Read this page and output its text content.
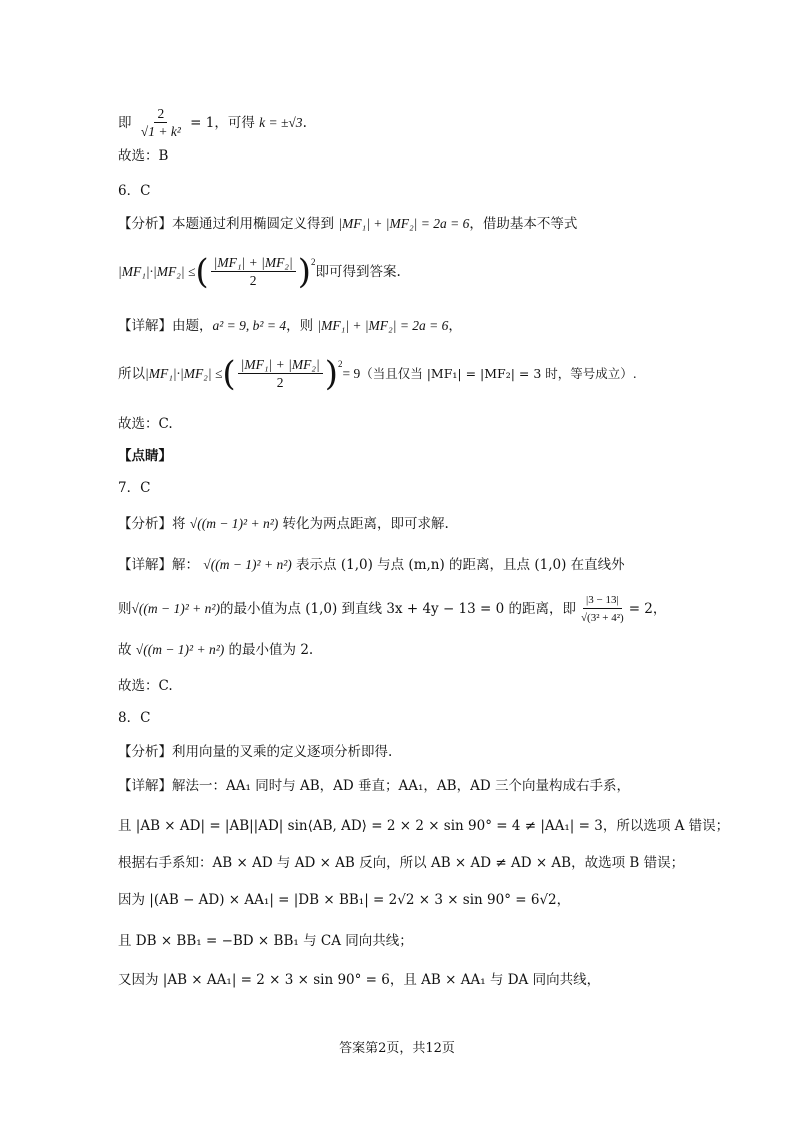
即 $\frac{2}{\text{√1 + k²}} = 1$，可得 k = ±√3.
故选：B
6．C
【分析】本题通过利用椭圆定义得到 |MF₁| + |MF₂| = 2a = 6，借助基本不等式
|MF₁|·|MF₂| ≤ ( $\frac{\text{|MF₁| + |MF₂|}}{2}$ ) 2
即可得到答案.
【详解】由题，a² = 9, b² = 4，则 |MF₁| + |MF₂| = 2a = 6，
所以 |MF₁|·|MF₂| ≤ ( $\frac{\text{|MF₁| + |MF₂|}}{2}$ ) 2
= 9 （当且仅当 |MF₁| = |MF₂| = 3 时，等号成立）.
故选：C.
【点睛】
7．C
【分析】将 √((m − 1)² + n²) 转化为两点距离，即可求解.
【详解】解： √((m − 1)² + n²) 表示点 (1,0) 与点 (m,n) 的距离，且点 (1,0) 在直线外
则 √((m − 1)² + n²) 的最小值为点 (1,0) 到直线 3x + 4y − 13 = 0 的距离，即 $\frac{|3 - 13|}{\text{√(3² + 4²)}} = 2$，
故 √((m − 1)² + n²) 的最小值为 2.
故选：C.
8．C
【分析】利用向量的叉乘的定义逐项分析即得.
【详解】解法一：AA₁ 同时与 AB，AD 垂直；AA₁，AB，AD 三个向量构成右手系，
且 |AB × AD| = |AB||AD| sin⟨AB, AD⟩ = 2 × 2 × sin 90° = 4 ≠ |AA₁| = 3，所以选项 A 错误；
根据右手系知：AB × AD 与 AD × AB 反向，所以 AB × AD ≠ AD × AB，故选项 B 错误；
因为 |(AB − AD) × AA₁| = |DB × BB₁| = 2√2 × 3 × sin 90° = 6√2，
且 DB × BB₁ = −BD × BB₁ 与 CA 同向共线；
又因为 |AB × AA₁| = 2 × 3 × sin 90° = 6，且 AB × AA₁ 与 DA 同向共线，
答案第2页，共12页
